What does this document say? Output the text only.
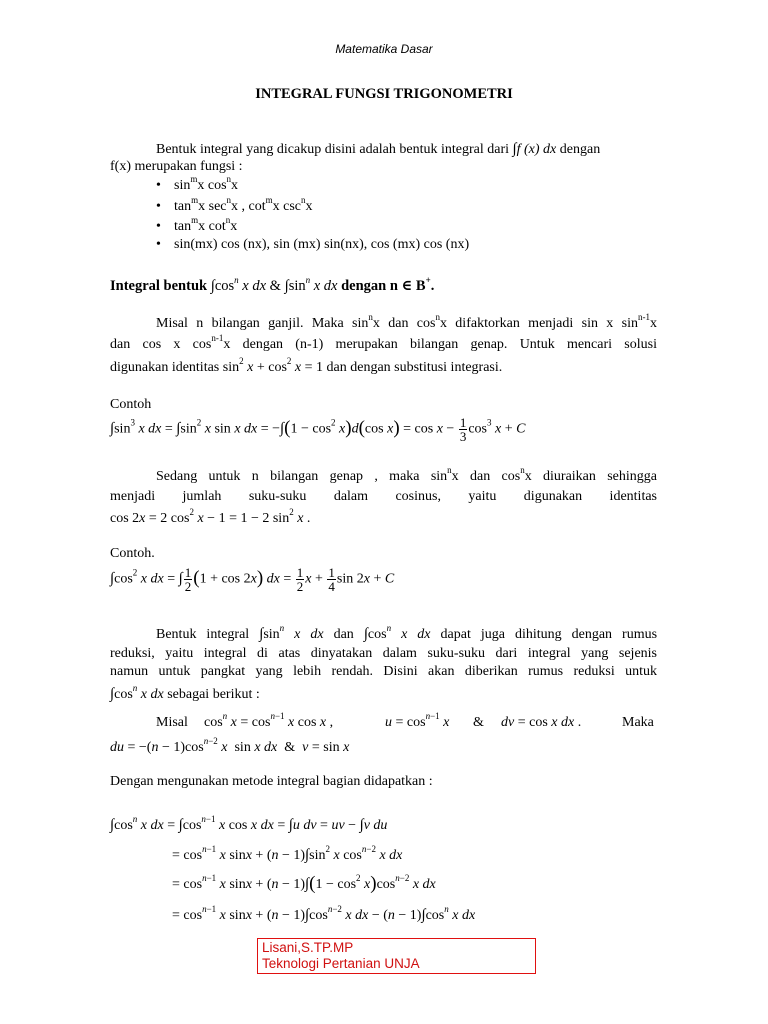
Matematika Dasar
INTEGRAL FUNGSI TRIGONOMETRI
Bentuk integral yang dicakup disini adalah bentuk integral dari ∫f (x) dx dengan
f(x) merupakan fungsi :
• $\sin^mx$ $\cos^nx$
• $\tan^mx$ $\sec^nx$ , $\cot^mx$ $\csc^nx$
• $\tan^mx$ $\cot^nx$
• sin(mx) cos (nx), sin (mx) sin(nx), cos (mx) cos (nx)
Integral bentuk $\int\cos^n$ x dx & $\int\sin^n$ x dx dengan n ∈ B+.
Misal n bilangan ganjil. Maka $\sin^nx$ dan $\cos^nx$ difaktorkan menjadi sin x $\sin^{n-1}x$
dan cos x $\cos^{n-1}x$ dengan (n-1) merupakan bilangan genap. Untuk mencari solusi
digunakan identitas $\sin^2 x + \cos^2 x = 1$ dan dengan substitusi integrasi.
Contoh
$\int\sin^3$ x dx = $\int\sin^2$ x sin x dx = $-\int(1 - \cos^2 x)d(\cos$ $x) = \cos x - \frac{1}{3} \cos^3 x + C$
Sedang untuk n bilangan genap , maka $\sin^nx$ dan $\cos^nx$ diuraikan sehingga
menjadi jumlah suku-suku dalam cosinus, yaitu digunakan identitas
cos 2x = 2 $\cos^2 x - 1 = 1 - 2$ $\sin^2 x$ .
Contoh.
$\int\cos^2$ x dx = ∫ $\frac{1}{2} (1 + \cos 2x)$ dx = $\frac{1}{2}$ $x + \frac{1}{4}$ sin 2x + C
Bentuk integral $\int\sin^n$ x dx dan $\int\cos^n$ x dx dapat juga dihitung dengan rumus
reduksi, yaitu integral di atas dinyatakan dalam suku-suku dari integral yang sejenis
namun untuk pangkat yang lebih rendah. Disini akan diberikan rumus reduksi untuk
$\int\cos^n$ x dx sebagai berikut :
Misal $\cos^n x = \cos^{n-1} x$ cos x ,	$u = \cos^{n-1} x$ & dv = cos x dx .	Maka
du = $-(n - 1)\cos^{n-2}$ x  sin x dx  &  v = sin x
Dengan mengunakan metode integral bagian didapatkan :
$\int\cos^n$ x dx = $\int\cos^{n-1}$ x cos x dx = ∫u dv = uv − ∫v du
= $\cos^{n-1} x$ $\sin x + (n - 1)\int\sin^2$ x $\cos^{n-2} x$ dx
= $\cos^{n-1} x$ $\sin x + (n - 1)\int(1 - \cos^2 x)\cos^{n-2}$ x dx
= $\cos^{n-1} x$ $\sin x + (n - 1)\int\cos^{n-2}$ x dx − $(n - 1)\int\cos^n$ x dx
Lisani,S.TP.MP
Teknologi Pertanian UNJA
